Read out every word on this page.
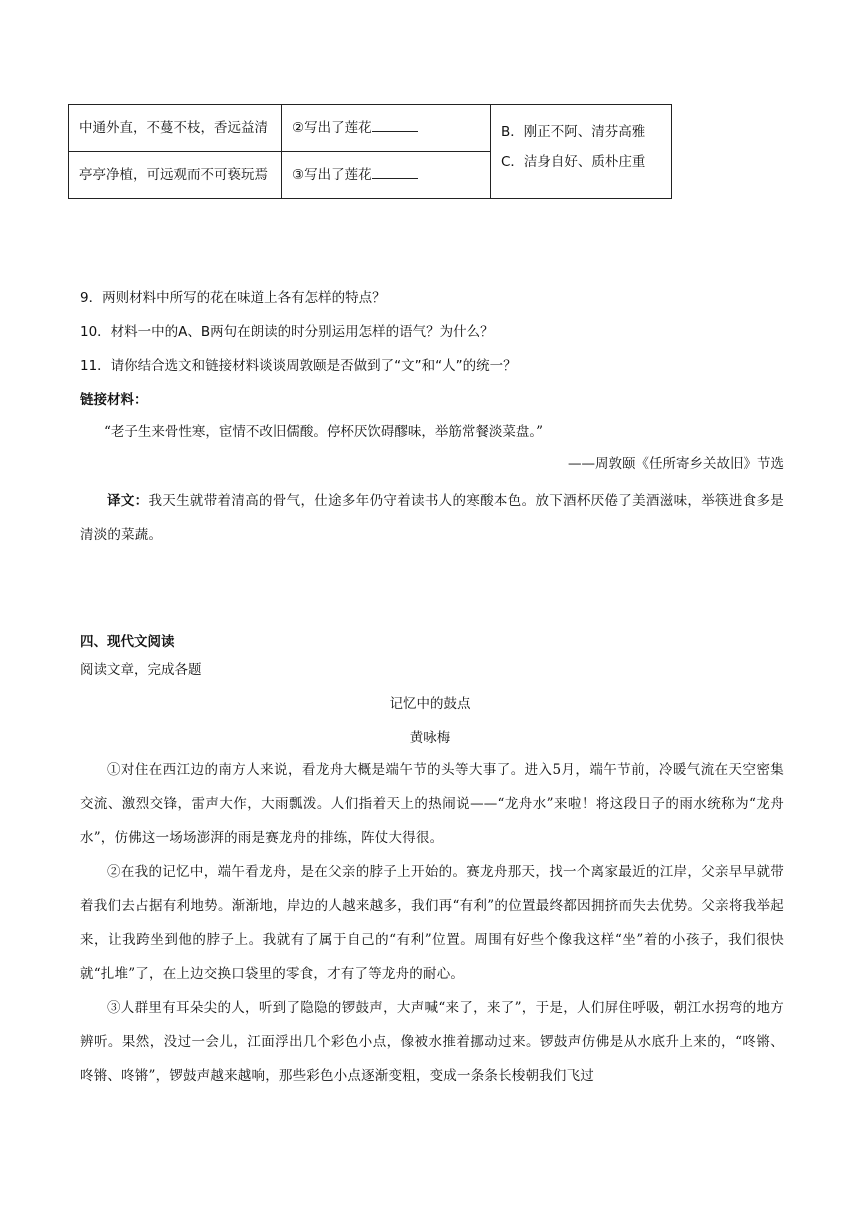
中通外直，不蔓不枝，香远益清	②写出了莲花	B．刚正不阿、清芬高雅
C．洁身自好、质朴庄重

亭亭净植，可远观而不可亵玩焉	③写出了莲花	
9．两则材料中所写的花在味道上各有怎样的特点？
10．材料一中的A、B两句在朗读的时分别运用怎样的语气？为什么？
11．请你结合选文和链接材料谈谈周敦颐是否做到了“文”和“人”的统一？
链接材料：
“老子生来骨性寒，宦情不改旧儒酸。停杯厌饮碍醪味，举筋常餐淡菜盘。”
——周敦颐《任所寄乡关故旧》节选
译文：我天生就带着清高的骨气，仕途多年仍守着读书人的寒酸本色。放下酒杯厌倦了美酒滋味，举筷进食多是清淡的菜蔬。
四、现代文阅读
阅读文章，完成各题
记忆中的鼓点
黄咏梅
①对住在西江边的南方人来说，看龙舟大概是端午节的头等大事了。进入5月，端午节前，冷暖气流在天空密集交流、激烈交锋，雷声大作，大雨瓢泼。人们指着天上的热闹说——“龙舟水”来啦！将这段日子的雨水统称为“龙舟水”，仿佛这一场场澎湃的雨是赛龙舟的排练，阵仗大得很。
②在我的记忆中，端午看龙舟，是在父亲的脖子上开始的。赛龙舟那天，找一个离家最近的江岸，父亲早早就带着我们去占据有利地势。渐渐地，岸边的人越来越多，我们再“有利”的位置最终都因拥挤而失去优势。父亲将我举起来，让我跨坐到他的脖子上。我就有了属于自己的“有利”位置。周围有好些个像我这样“坐”着的小孩子，我们很快就“扎堆”了，在上边交换口袋里的零食，才有了等龙舟的耐心。
③人群里有耳朵尖的人，听到了隐隐的锣鼓声，大声喊“来了，来了”，于是，人们屏住呼吸，朝江水拐弯的地方辨听。果然，没过一会儿，江面浮出几个彩色小点，像被水推着挪动过来。锣鼓声仿佛是从水底升上来的，“咚锵、咚锵、咚锵”，锣鼓声越来越响，那些彩色小点逐渐变粗，变成一条条长梭朝我们飞过
